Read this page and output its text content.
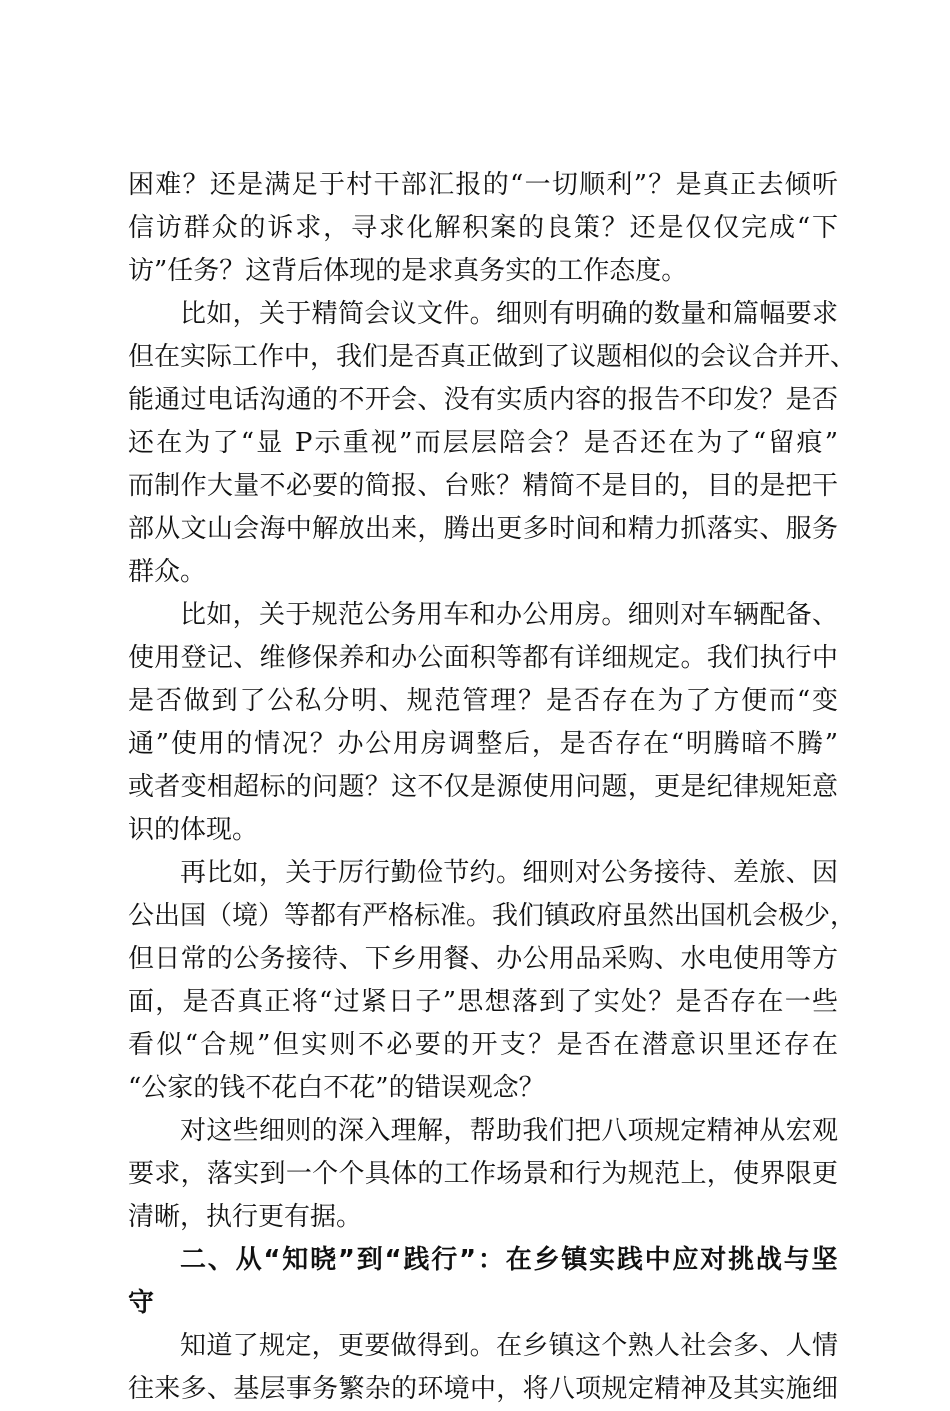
困难？还是满足于村干部汇报的“一切顺利”？是真正去倾听
信访群众的诉求，寻求化解积案的良策？还是仅仅完成“下
访”任务？这背后体现的是求真务实的工作态度。
比如，关于精简会议文件。细则有明确的数量和篇幅要求
但在实际工作中，我们是否真正做到了议题相似的会议合并开、
能通过电话沟通的不开会、没有实质内容的报告不印发？是否
还在为了“显 P示重视”而层层陪会？是否还在为了“留痕”
而制作大量不必要的简报、台账？精简不是目的，目的是把干
部从文山会海中解放出来，腾出更多时间和精力抓落实、服务
群众。
比如，关于规范公务用车和办公用房。细则对车辆配备、
使用登记、维修保养和办公面积等都有详细规定。我们执行中
是否做到了公私分明、规范管理？是否存在为了方便而“变
通”使用的情况？办公用房调整后，是否存在“明腾暗不腾”
或者变相超标的问题？这不仅是源使用问题，更是纪律规矩意
识的体现。
再比如，关于厉行勤俭节约。细则对公务接待、差旅、因
公出国（境）等都有严格标准。我们镇政府虽然出国机会极少，
但日常的公务接待、下乡用餐、办公用品采购、水电使用等方
面，是否真正将“过紧日子”思想落到了实处？是否存在一些
看似“合规”但实则不必要的开支？是否在潜意识里还存在
“公家的钱不花白不花”的错误观念？
对这些细则的深入理解，帮助我们把八项规定精神从宏观
要求，落实到一个个具体的工作场景和行为规范上，使界限更
清晰，执行更有据。
二、从“知晓”到“践行”：在乡镇实践中应对挑战与坚
守
知道了规定，更要做得到。在乡镇这个熟人社会多、人情
往来多、基层事务繁杂的环境中，将八项规定精神及其实施细
